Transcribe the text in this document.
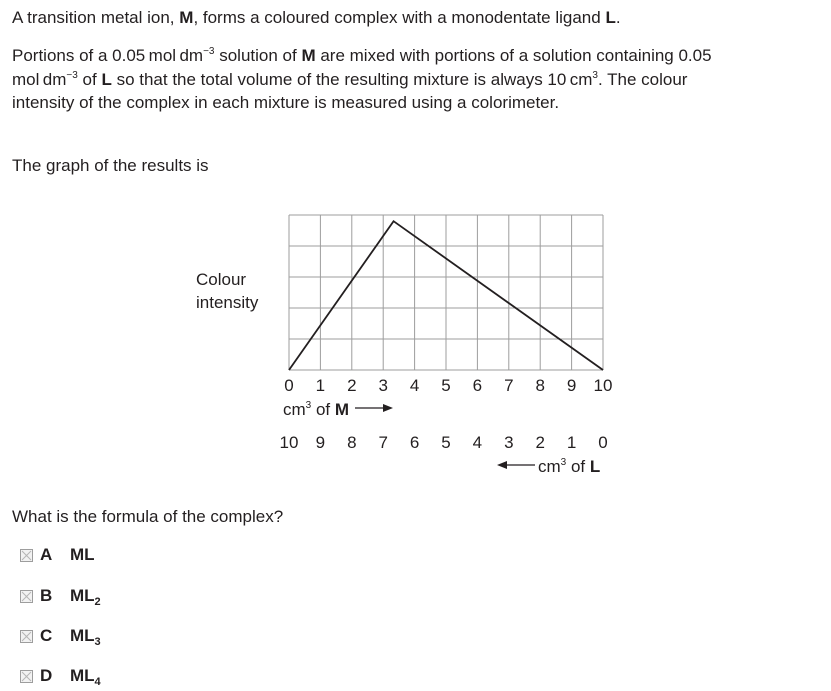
A transition metal ion, M, forms a coloured complex with a monodentate ligand L.

Portions of a 0.05 mol $dm^{-3}$ solution of M are mixed with portions of a solution containing 0.05 mol $dm^{-3}$ of L so that the total volume of the resulting mixture is always 10 $cm^3$. The colour intensity of the complex in each mixture is measured using a colorimeter.

The graph of the results is

Colour
intensity
0 1 2 3 4 5 6 7 8 9 10
10 9 8 7 6 5 4 3 2 1 0
$cm^3$ of M
$cm^3$ of L

What is the formula of the complex?

A	ML
B	$ML_2$
C	$ML_3$
D	$ML_4$
